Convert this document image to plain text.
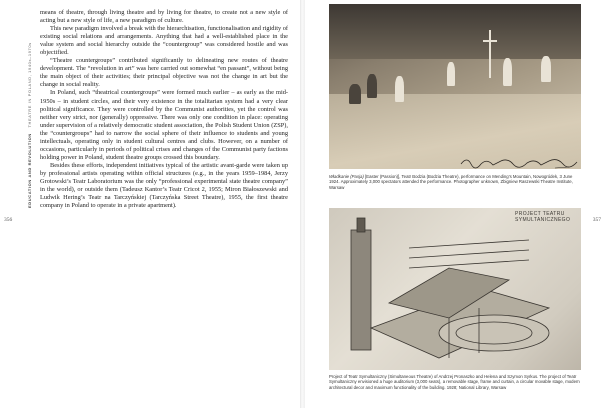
EDUCATION AND REVOLUTION THEATRE IN POLAND, 1940s–1970s
356

means of theatre, through living theatre and by living for theatre, to create not a new style of acting but a new style of life, a new paradigm of culture.

This new paradigm involved a break with the hierarchisation, functionalisation and rigidity of existing social relations and arrangements. Anything that had a well-established place in the value system and social hierarchy outside the “countergroup” was considered hostile and was objectified.

“Theatre countergroups” contributed significantly to delineating new routes of theatre development. The “revolution in art” was here carried out somewhat “en passant”, without being the main object of their activities; their principal objective was not the change in art but the change in social reality.

In Poland, such “theatrical countergroups” were formed much earlier – as early as the mid-1950s – in student circles, and their very existence in the totalitarian system had a very clear political significance. They were controlled by the Communist authorities, yet the control was neither very strict, nor (generally) oppressive. There was only one condition in place: operating under supervision of a relatively democratic student association, the Polish Student Union (ZSP), the “countergroups” had to narrow the social sphere of their influence to students and young intellectuals, operating only in student cultural centres and clubs. However, on a number of occasions, particularly in periods of political crises and changes of the Communist party factions holding power in Poland, student theatre groups crossed this boundary.

Besides these efforts, independent initiatives typical of the artistic avant-garde were taken up by professional artists operating within official structures (e.g., in the years 1959–1984, Jerzy Grotowski’s Teatr Laboratorium was the only “professional experimental state theatre company” in the world), or outside them (Tadeusz Kantor’s Teatr Cricot 2, 1955; Miron Białoszewski and Ludwik Hering’s Teatr na Tarczyńskiej (Tarczyńska Street Theatre), 1955, the first theatre company in Poland to operate in a private apartment).

357
Władkanie (Pasja) [Easter (Passion)], Teatr Bodzia (Bodzia Theatre), performance on Mending’s Mountain, Nowogródek, 3 June 1924. Approximately 3,000 spectators attended the performance. Photographer unknown, Zbigniew Raszewski Theatre Institute, Warsaw
PROJECT TEATRU SYMULTANICZNEGO
Project of Teatr Symultaniczny (Simultaneous Theatre) of Andrzej Pronaszko and Helena and Szymon Syrkus. The project of Teatr Symultaniczny envisioned a huge auditorium (3,000 seats), a removable stage, frame and curtain, a circular movable stage, modern architectural decor and maximum functionality of the building. 1928; National Library, Warsaw
